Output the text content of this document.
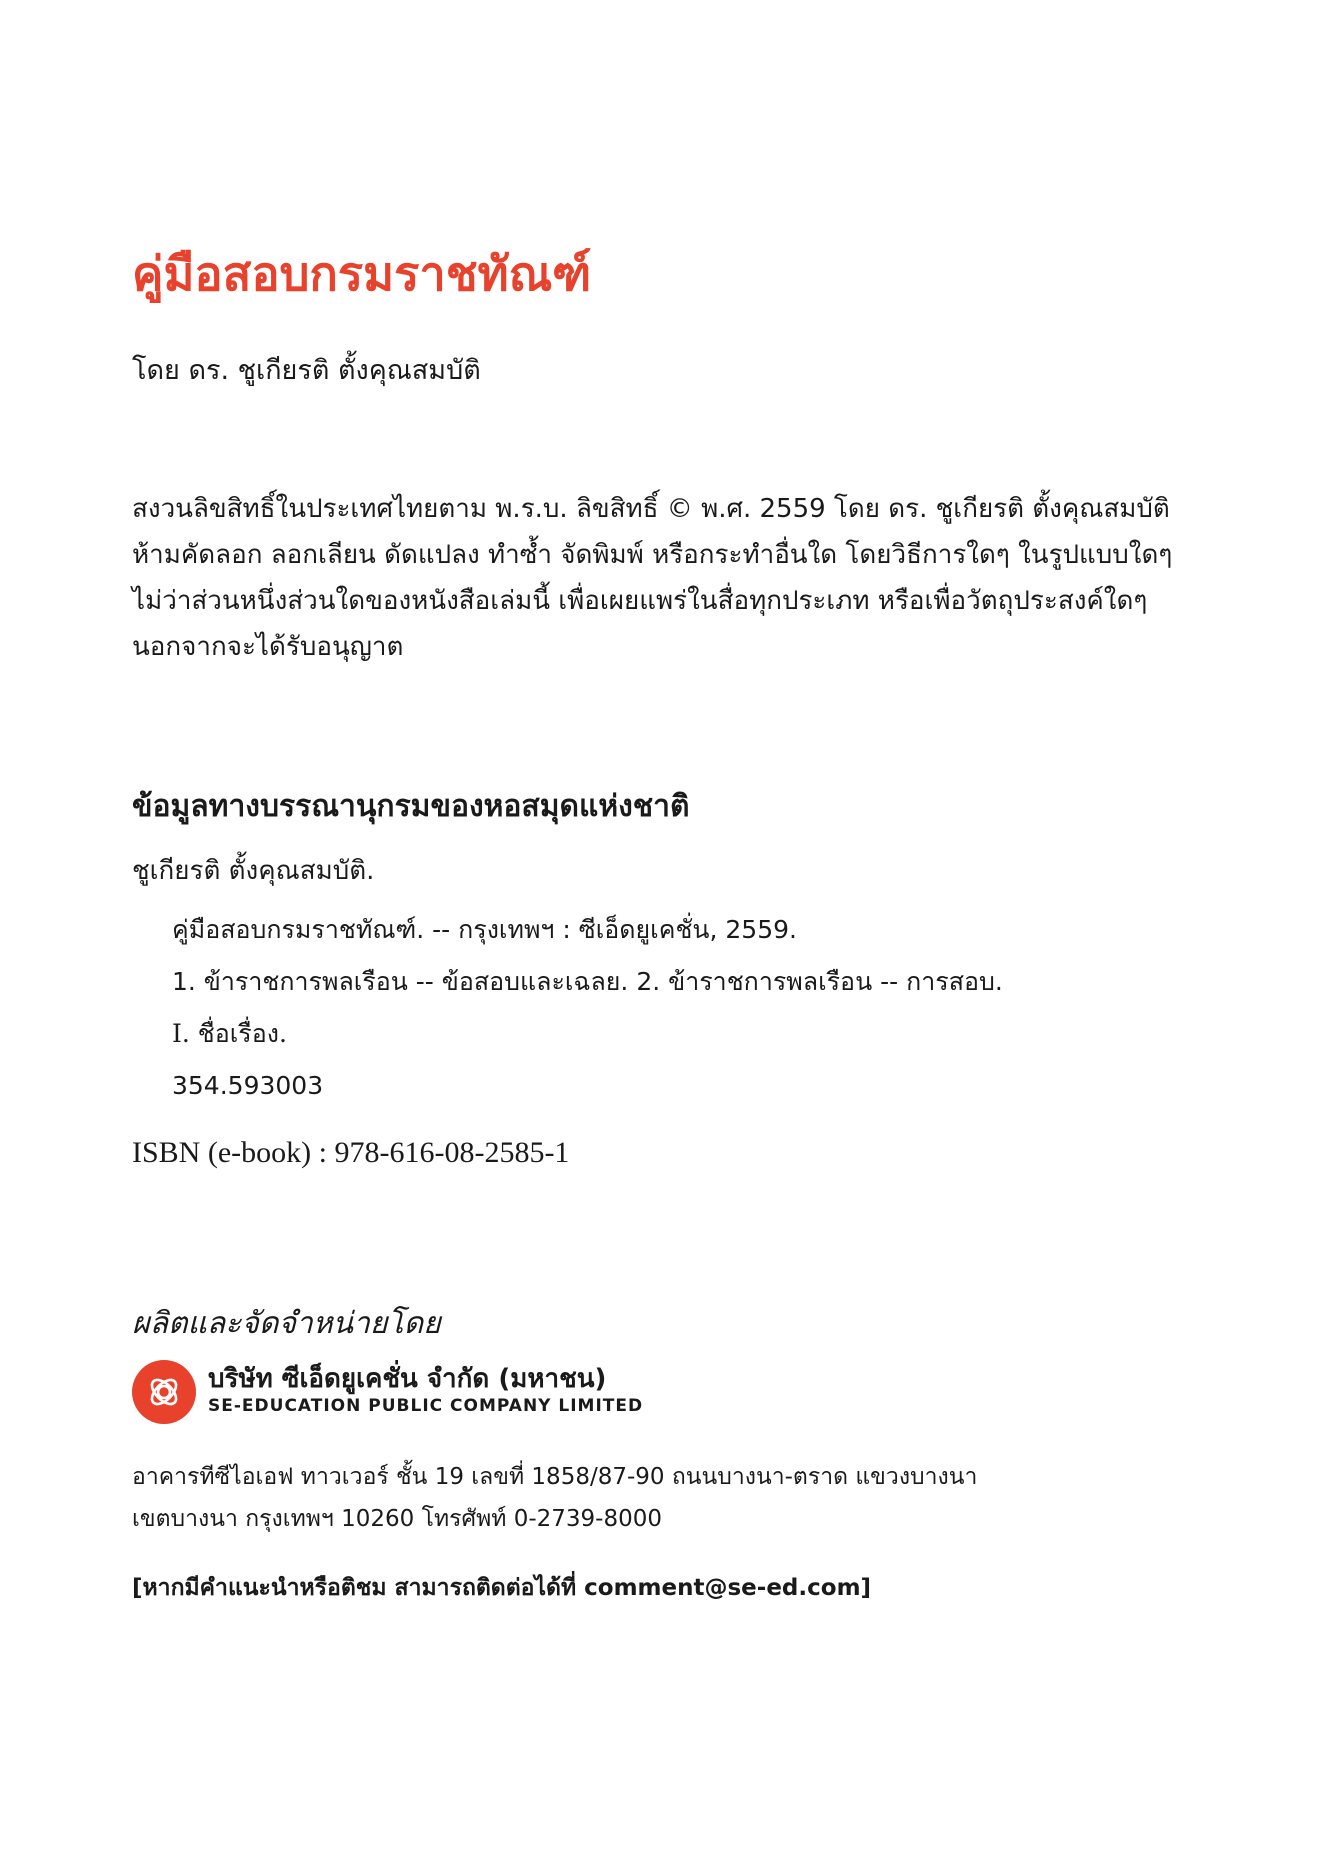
คู่มือสอบกรมราชทัณฑ์
โดย ดร. ชูเกียรติ ตั้งคุณสมบัติ
สงวนลิขสิทธิ์ในประเทศไทยตาม พ.ร.บ. ลิขสิทธิ์ © พ.ศ. 2559 โดย ดร. ชูเกียรติ ตั้งคุณสมบัติ
ห้ามคัดลอก ลอกเลียน ดัดแปลง ทำซ้ำ จัดพิมพ์ หรือกระทำอื่นใด โดยวิธีการใดๆ ในรูปแบบใดๆ
ไม่ว่าส่วนหนึ่งส่วนใดของหนังสือเล่มนี้ เพื่อเผยแพร่ในสื่อทุกประเภท หรือเพื่อวัตถุประสงค์ใดๆ
นอกจากจะได้รับอนุญาต
ข้อมูลทางบรรณานุกรมของหอสมุดแห่งชาติ
ชูเกียรติ ตั้งคุณสมบัติ.
คู่มือสอบกรมราชทัณฑ์. -- กรุงเทพฯ : ซีเอ็ดยูเคชั่น, 2559.
1. ข้าราชการพลเรือน -- ข้อสอบและเฉลย. 2. ข้าราชการพลเรือน -- การสอบ.
I. ชื่อเรื่อง.
354.593003
ISBN (e-book) : 978-616-08-2585-1
ผลิตและจัดจำหน่ายโดย
บริษัท ซีเอ็ดยูเคชั่น จำกัด (มหาชน)
SE-EDUCATION PUBLIC COMPANY LIMITED
อาคารทีซีไอเอฟ ทาวเวอร์ ชั้น 19 เลขที่ 1858/87-90 ถนนบางนา-ตราด แขวงบางนา
เขตบางนา กรุงเทพฯ 10260 โทรศัพท์ 0-2739-8000
[หากมีคำแนะนำหรือติชม สามารถติดต่อได้ที่ comment@se-ed.com]
